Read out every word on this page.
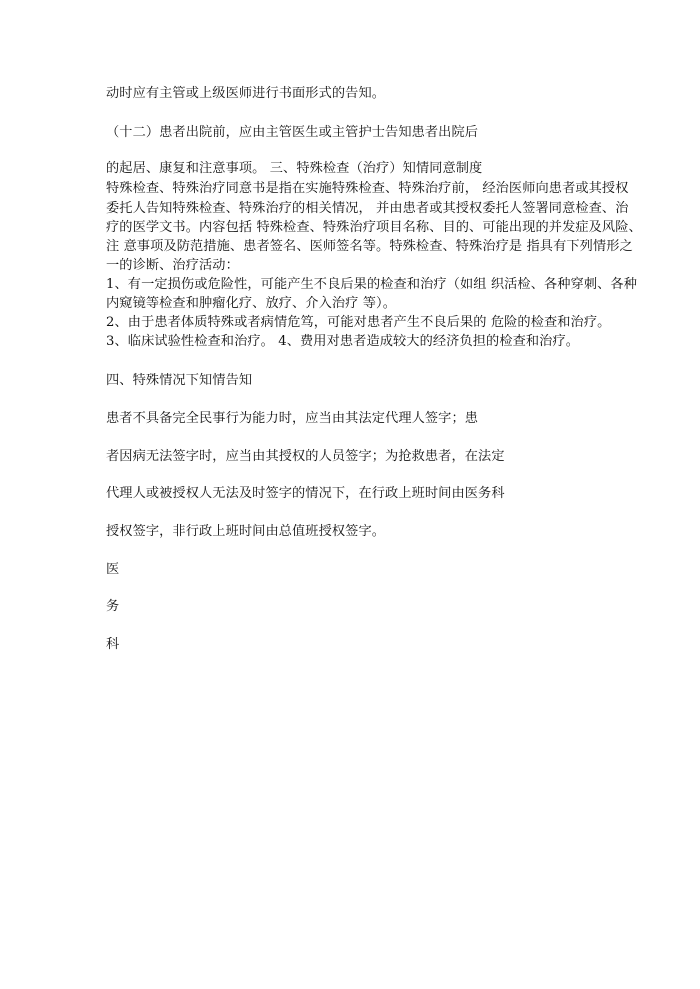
动时应有主管或上级医师进行书面形式的告知。
（十二）患者出院前，应由主管医生或主管护士告知患者出院后
的起居、康复和注意事项。 三、特殊检查（治疗）知情同意制度
特殊检查、特殊治疗同意书是指在实施特殊检查、特殊治疗前， 经治医师向患者或其授权
委托人告知特殊检查、特殊治疗的相关情况， 并由患者或其授权委托人签署同意检查、治
疗的医学文书。内容包括 特殊检查、特殊治疗项目名称、目的、可能出现的并发症及风险、
注 意事项及防范措施、患者签名、医师签名等。特殊检查、特殊治疗是 指具有下列情形之
一的诊断、治疗活动：
1、有一定损伤或危险性，可能产生不良后果的检查和治疗（如组 织活检、各种穿刺、各种
内窥镜等检查和肿瘤化疗、放疗、介入治疗 等）。
2、由于患者体质特殊或者病情危笃，可能对患者产生不良后果的 危险的检查和治疗。
3、临床试验性检查和治疗。 4、费用对患者造成较大的经济负担的检查和治疗。
四、特殊情况下知情告知
患者不具备完全民事行为能力时，应当由其法定代理人签字；患
者因病无法签字时，应当由其授权的人员签字；为抢救患者，在法定
代理人或被授权人无法及时签字的情况下，在行政上班时间由医务科
授权签字，非行政上班时间由总值班授权签字。
医
务
科
